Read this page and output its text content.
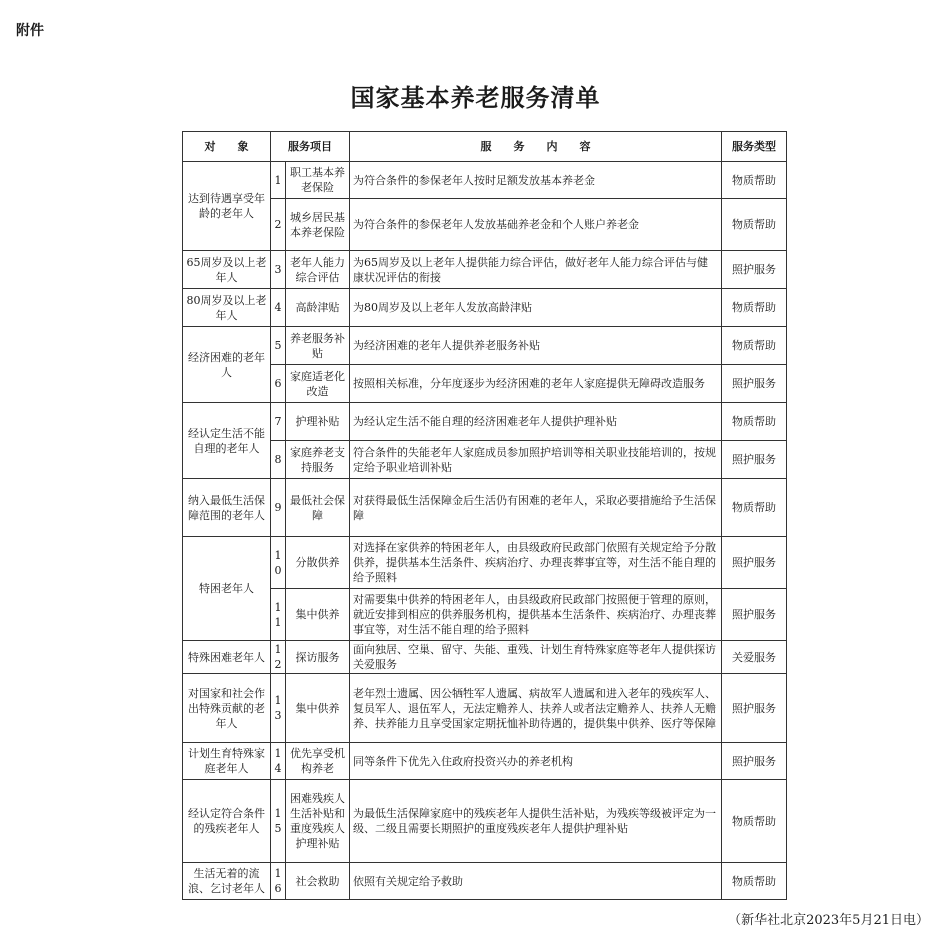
附件
国家基本养老服务清单
对　　象	服务项目		服　　务　　内　　容	服务类型
达到待遇享受年龄的老年人	1	职工基本养老保险	为符合条件的参保老年人按时足额发放基本养老金	物质帮助
	2	城乡居民基本养老保险	为符合条件的参保老年人发放基础养老金和个人账户养老金	物质帮助
65周岁及以上老年人	3	老年人能力综合评估	为65周岁及以上老年人提供能力综合评估，做好老年人能力综合评估与健康状况评估的衔接	照护服务
80周岁及以上老年人	4	高龄津贴	为80周岁及以上老年人发放高龄津贴	物质帮助
经济困难的老年人	5	养老服务补贴	为经济困难的老年人提供养老服务补贴	物质帮助
	6	家庭适老化改造	按照相关标准，分年度逐步为经济困难的老年人家庭提供无障碍改造服务	照护服务
经认定生活不能自理的老年人	7	护理补贴	为经认定生活不能自理的经济困难老年人提供护理补贴	物质帮助
	8	家庭养老支持服务	符合条件的失能老年人家庭成员参加照护培训等相关职业技能培训的，按规定给予职业培训补贴	照护服务
纳入最低生活保障范围的老年人	9	最低社会保障	对获得最低生活保障金后生活仍有困难的老年人，采取必要措施给予生活保障	物质帮助
特困老年人	10	分散供养	对选择在家供养的特困老年人，由县级政府民政部门依照有关规定给予分散供养，提供基本生活条件、疾病治疗、办理丧葬事宜等，对生活不能自理的给予照料	照护服务
	11	集中供养	对需要集中供养的特困老年人，由县级政府民政部门按照便于管理的原则，就近安排到相应的供养服务机构，提供基本生活条件、疾病治疗、办理丧葬事宜等，对生活不能自理的给予照料	照护服务
特殊困难老年人	12	探访服务	面向独居、空巢、留守、失能、重残、计划生育特殊家庭等老年人提供探访关爱服务	关爱服务
对国家和社会作出特殊贡献的老年人	13	集中供养	老年烈士遗属、因公牺牲军人遗属、病故军人遗属和进入老年的残疾军人、复员军人、退伍军人，无法定赡养人、扶养人或者法定赡养人、扶养人无赡养、扶养能力且享受国家定期抚恤补助待遇的，提供集中供养、医疗等保障	照护服务
计划生育特殊家庭老年人	14	优先享受机构养老	同等条件下优先入住政府投资兴办的养老机构	照护服务
经认定符合条件的残疾老年人	15	困难残疾人生活补贴和重度残疾人护理补贴	为最低生活保障家庭中的残疾老年人提供生活补贴，为残疾等级被评定为一级、二级且需要长期照护的重度残疾老年人提供护理补贴	物质帮助
生活无着的流浪、乞讨老年人	16	社会救助	依照有关规定给予救助	物质帮助
（新华社北京2023年5月21日电）
